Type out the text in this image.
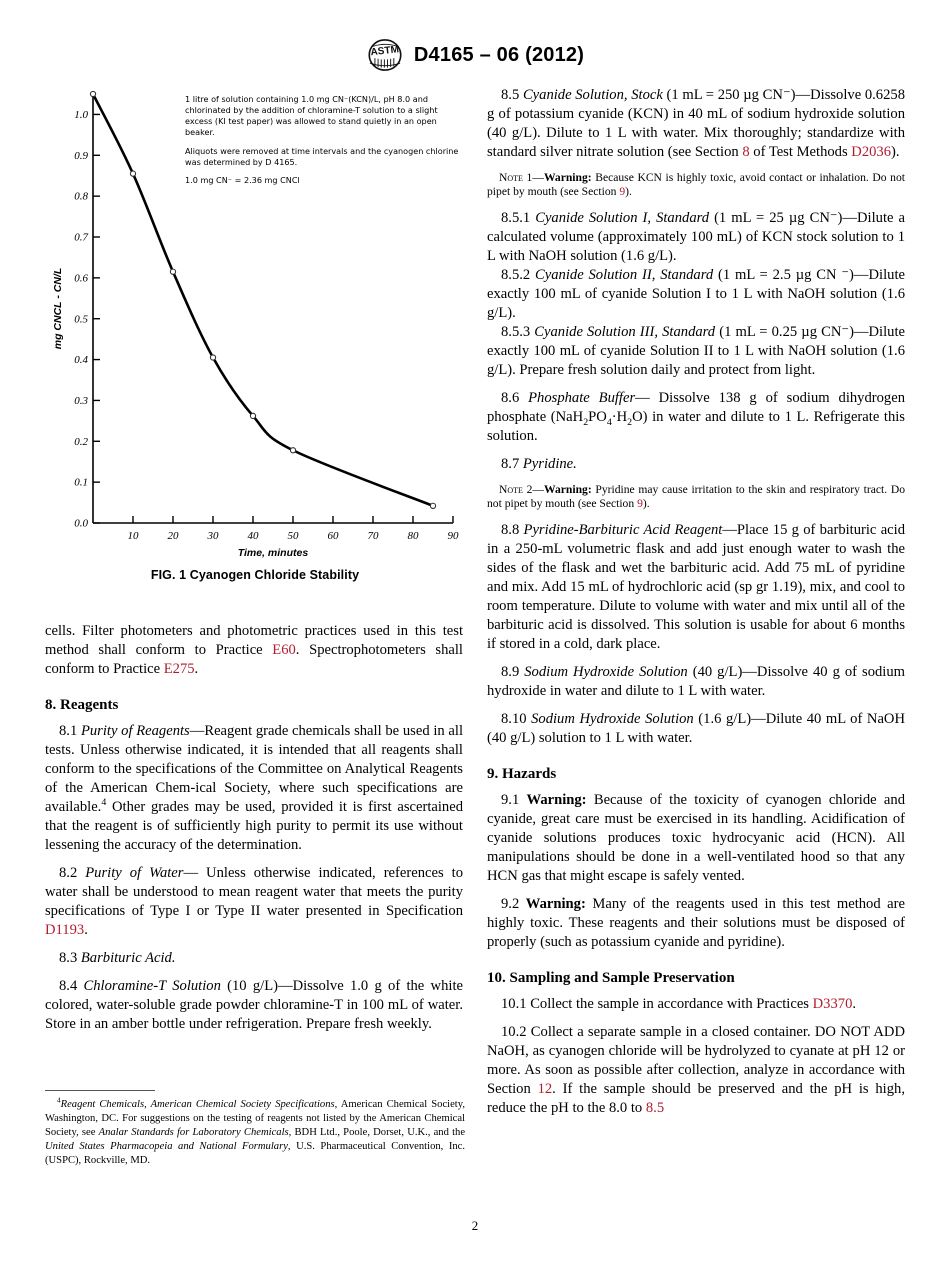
ASTM D4165 – 06 (2012)
0.0
0.1
0.2
0.3
0.4
0.5
0.6
0.7
0.8
0.9
1.0
10	20	30	40	50	60	70	80	90
Time, minutes
mg CNCL - CN/L

1 litre of solution containing 1.0 mg CN⁻(KCN)/L, pH 8.0 and chlorinated by the addition of chloramine-T solution to a slight excess (KI test paper) was allowed to stand quietly in an open beaker.

Aliquots were removed at time intervals and the cyanogen chlorine was determined by D 4165.

1.0 mg CN⁻ = 2.36 mg CNCl

FIG. 1 Cyanogen Chloride Stability

cells. Filter photometers and photometric practices used in this test method shall conform to Practice E60. Spectrophotometers shall conform to Practice E275.

8. Reagents

8.1 Purity of Reagents—Reagent grade chemicals shall be used in all tests. Unless otherwise indicated, it is intended that all reagents shall conform to the specifications of the Committee on Analytical Reagents of the American Chem-ical Society, where such specifications are available.$^4$ Other grades may be used, provided it is first ascertained that the reagent is of sufficiently high purity to permit its use without lessening the accuracy of the determination.

8.2 Purity of Water— Unless otherwise indicated, references to water shall be understood to mean reagent water that meets the purity specifications of Type I or Type II water presented in Specification D1193.

8.3 Barbituric Acid.

8.4 Chloramine-T Solution (10 g/L)—Dissolve 1.0 g of the white colored, water-soluble grade powder chloramine-T in 100 mL of water. Store in an amber bottle under refrigeration. Prepare fresh weekly.

8.5 Cyanide Solution, Stock (1 mL = 250 µg CN⁻)—Dissolve 0.6258 g of potassium cyanide (KCN) in 40 mL of sodium hydroxide solution (40 g/L). Dilute to 1 L with water. Mix thoroughly; standardize with standard silver nitrate solution (see Section 8 of Test Methods D2036).

Note 1—Warning: Because KCN is highly toxic, avoid contact or inhalation. Do not pipet by mouth (see Section 9).

8.5.1 Cyanide Solution I, Standard (1 mL = 25 µg CN⁻)—Dilute a calculated volume (approximately 100 mL) of KCN stock solution to 1 L with NaOH solution (1.6 g/L).

8.5.2 Cyanide Solution II, Standard (1 mL = 2.5 µg CN ⁻)—Dilute exactly 100 mL of cyanide Solution I to 1 L with NaOH solution (1.6 g/L).

8.5.3 Cyanide Solution III, Standard (1 mL = 0.25 µg CN⁻)—Dilute exactly 100 mL of cyanide Solution II to 1 L with NaOH solution (1.6 g/L). Prepare fresh solution daily and protect from light.

8.6 Phosphate Buffer— Dissolve 138 g of sodium dihydrogen phosphate $(NaH_2PO_4\cdot H_2O)$ in water and dilute to 1 L. Refrigerate this solution.

8.7 Pyridine.

Note 2—Warning: Pyridine may cause irritation to the skin and respiratory tract. Do not pipet by mouth (see Section 9).

8.8 Pyridine-Barbituric Acid Reagent—Place 15 g of barbituric acid in a 250-mL volumetric flask and add just enough water to wash the sides of the flask and wet the barbituric acid. Add 75 mL of pyridine and mix. Add 15 mL of hydrochloric acid (sp gr 1.19), mix, and cool to room temperature. Dilute to volume with water and mix until all of the barbituric acid is dissolved. This solution is usable for about 6 months if stored in a cold, dark place.

8.9 Sodium Hydroxide Solution (40 g/L)—Dissolve 40 g of sodium hydroxide in water and dilute to 1 L with water.

8.10 Sodium Hydroxide Solution (1.6 g/L)—Dilute 40 mL of NaOH (40 g/L) solution to 1 L with water.

9. Hazards

9.1 Warning: Because of the toxicity of cyanogen chloride and cyanide, great care must be exercised in its handling. Acidification of cyanide solutions produces toxic hydrocyanic acid (HCN). All manipulations should be done in a well-ventilated hood so that any HCN gas that might escape is safely vented.

9.2 Warning: Many of the reagents used in this test method are highly toxic. These reagents and their solutions must be disposed of properly (such as potassium cyanide and pyridine).

10. Sampling and Sample Preservation

10.1 Collect the sample in accordance with Practices D3370.

10.2 Collect a separate sample in a closed container. DO NOT ADD NaOH, as cyanogen chloride will be hydrolyzed to cyanate at pH 12 or more. As soon as possible after collection, analyze in accordance with Section 12. If the sample should be preserved and the pH is high, reduce the pH to the 8.0 to 8.5

$^4$Reagent Chemicals, American Chemical Society Specifications, American Chemical Society, Washington, DC. For suggestions on the testing of reagents not listed by the American Chemical Society, see Analar Standards for Laboratory Chemicals, BDH Ltd., Poole, Dorset, U.K., and the United States Pharmacopeia and National Formulary, U.S. Pharmaceutical Convention, Inc. (USPC), Rockville, MD.
2
